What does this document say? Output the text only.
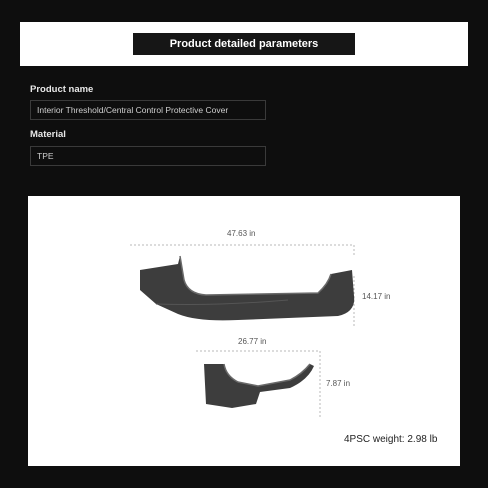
Product detailed parameters
Product name
Interior Threshold/Central Control Protective Cover
Material
TPE
47.63 in
14.17 in
26.77 in
7.87 in
4PSC weight: 2.98 lb
